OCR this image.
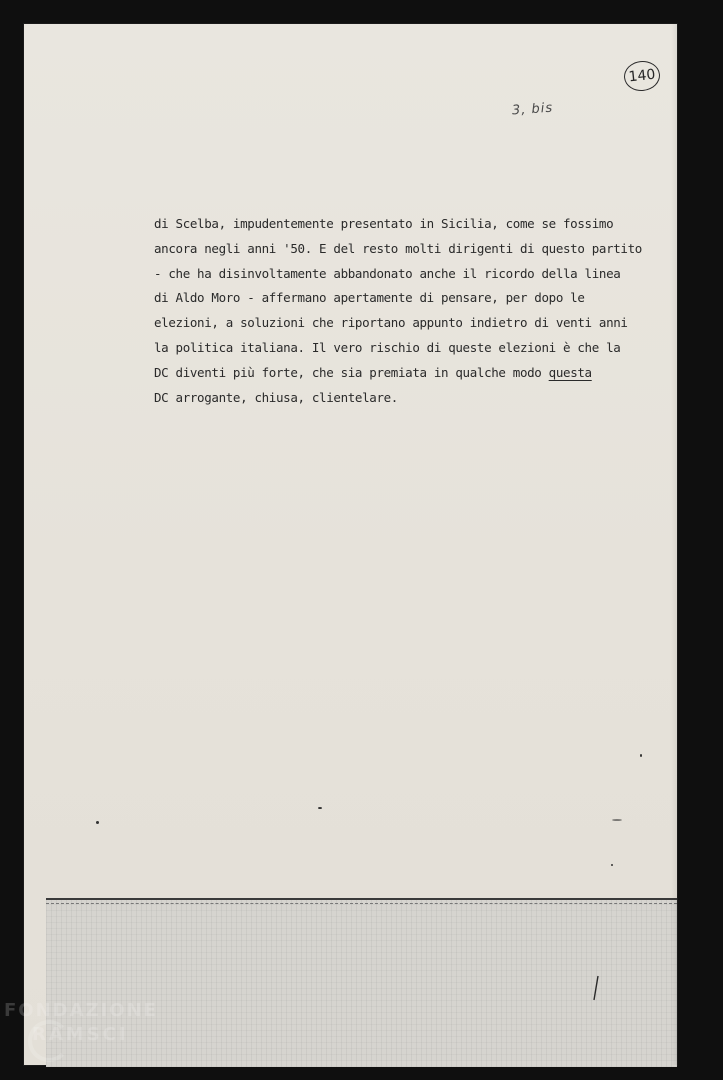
140
3, bis
di Scelba, impudentemente presentato in Sicilia, come se fossimo
ancora negli anni '50. E del resto molti dirigenti di questo partito
- che ha disinvoltamente abbandonato anche il ricordo della linea
di Aldo Moro - affermano apertamente di pensare, per dopo le
elezioni, a soluzioni che riportano appunto indietro di venti anni
la politica italiana. Il vero rischio di queste elezioni è che la
DC diventi più forte, che sia premiata in qualche modo questa
DC arrogante, chiusa, clientelare.
FONDAZIONE
RAMSCI
